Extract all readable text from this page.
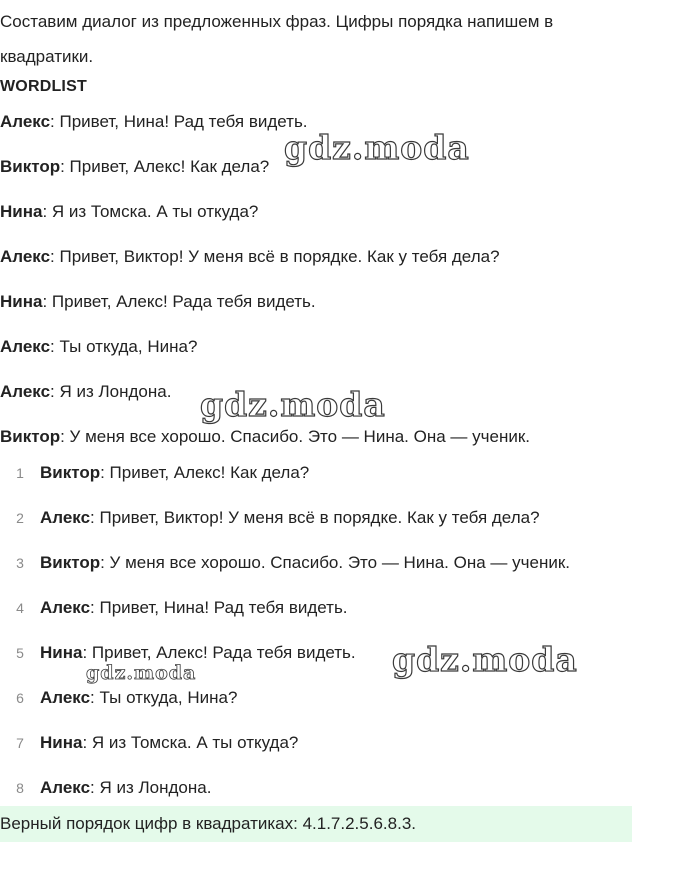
Составим диалог из предложенных фраз. Цифры порядка напишем в квадратики.
WORDLIST
Алекс: Привет, Нина! Рад тебя видеть.
Виктор: Привет, Алекс! Как дела?
Нина: Я из Томска. А ты откуда?
Алекс: Привет, Виктор! У меня всё в порядке. Как у тебя дела?
Нина: Привет, Алекс! Рада тебя видеть.
Алекс: Ты откуда, Нина?
Алекс: Я из Лондона.
Виктор: У меня все хорошо. Спасибо. Это — Нина. Она — ученик.
1 Виктор: Привет, Алекс! Как дела?
2 Алекс: Привет, Виктор! У меня всё в порядке. Как у тебя дела?
3 Виктор: У меня все хорошо. Спасибо. Это — Нина. Она — ученик.
4 Алекс: Привет, Нина! Рад тебя видеть.
5 Нина: Привет, Алекс! Рада тебя видеть.
6 Алекс: Ты откуда, Нина?
7 Нина: Я из Томска. А ты откуда?
8 Алекс: Я из Лондона.
Верный порядок цифр в квадратиках: 4.1.7.2.5.6.8.3.
gdz.moda
gdz.moda
gdz.moda
gdz.moda
